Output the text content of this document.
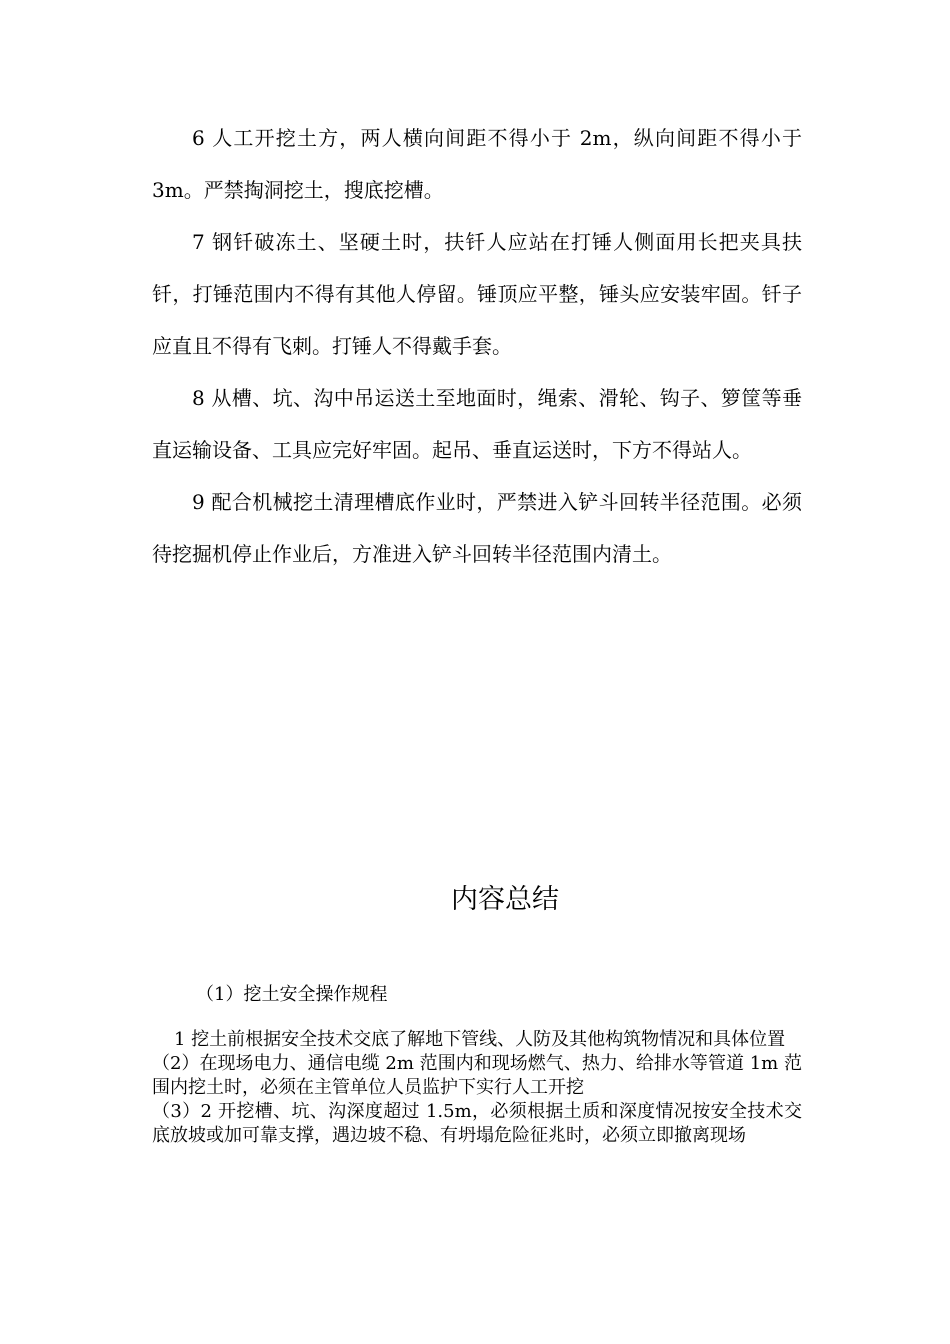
6 人工开挖土方，两人横向间距不得小于 2m，纵向间距不得小于 3m。严禁掏洞挖土，搜底挖槽。

7 钢钎破冻土、坚硬土时，扶钎人应站在打锤人侧面用长把夹具扶钎，打锤范围内不得有其他人停留。锤顶应平整，锤头应安装牢固。钎子应直且不得有飞刺。打锤人不得戴手套。

8 从槽、坑、沟中吊运送土至地面时，绳索、滑轮、钩子、箩筐等垂直运输设备、工具应完好牢固。起吊、垂直运送时，下方不得站人。

9 配合机械挖土清理槽底作业时，严禁进入铲斗回转半径范围。必须待挖掘机停止作业后，方准进入铲斗回转半径范围内清土。

内容总结

（1）挖土安全操作规程

1 挖土前根据安全技术交底了解地下管线、人防及其他构筑物情况和具体位置

（2）在现场电力、通信电缆 2m 范围内和现场燃气、热力、给排水等管道 1m 范围内挖土时，必须在主管单位人员监护下实行人工开挖

（3）2 开挖槽、坑、沟深度超过 1.5m，必须根据土质和深度情况按安全技术交底放坡或加可靠支撑，遇边坡不稳、有坍塌危险征兆时，必须立即撤离现场
